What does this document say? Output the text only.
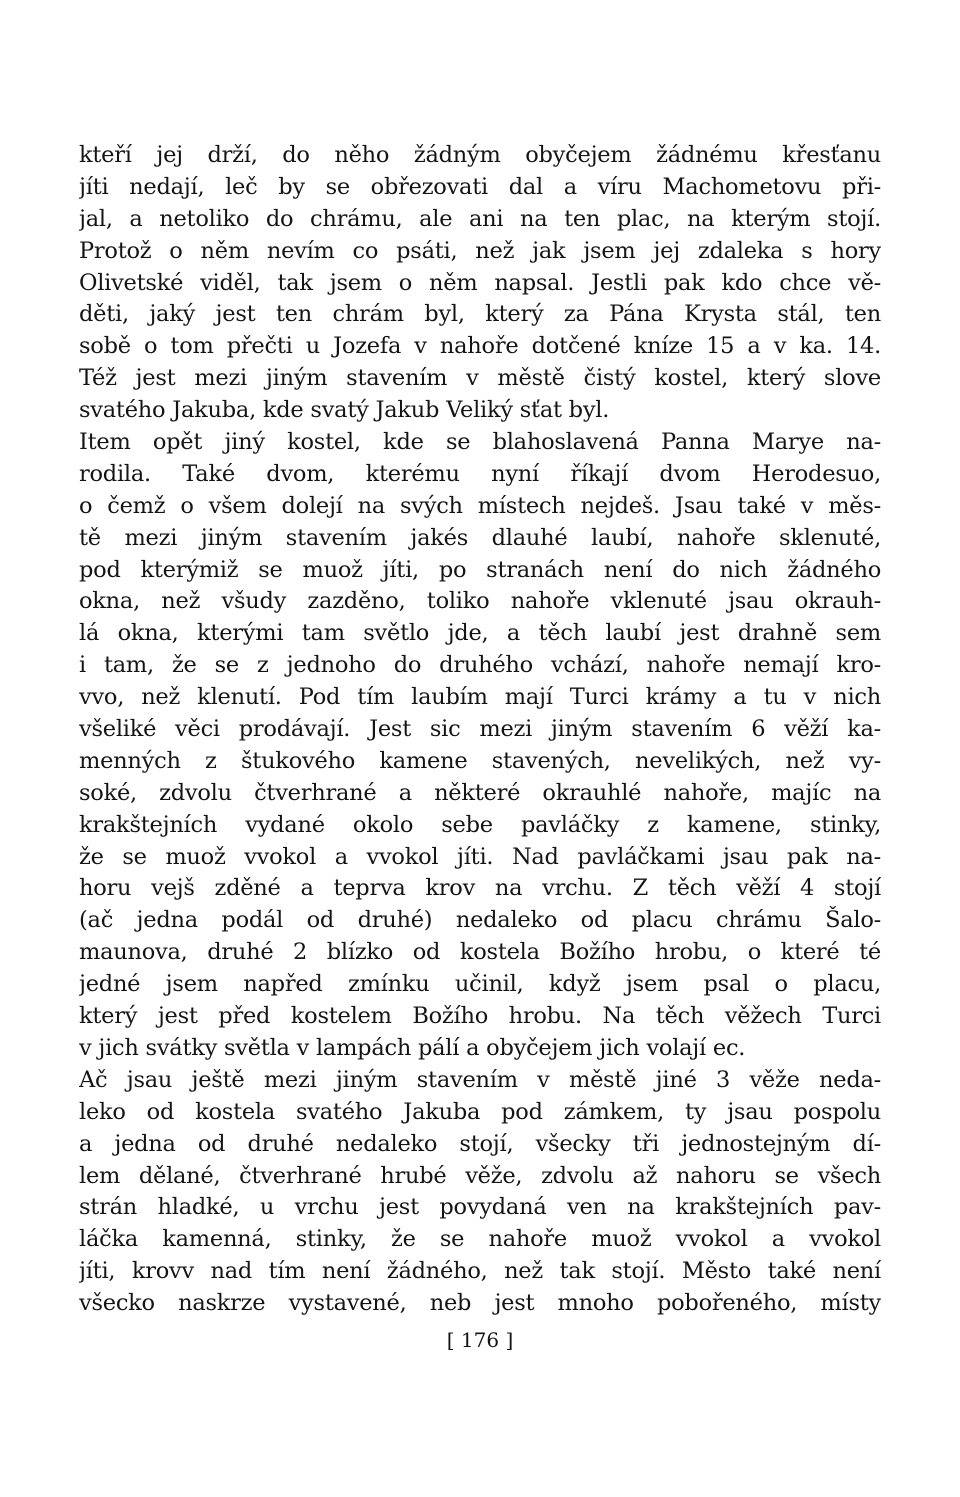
kteří jej drží, do něho žádným obyčejem žádnému křesťanu
jíti nedají, leč by se obřezovati dal a víru Machometovu při-
jal, a netoliko do chrámu, ale ani na ten plac, na kterým stojí.
Protož o něm nevím co psáti, než jak jsem jej zdaleka s hory
Olivetské viděl, tak jsem o něm napsal. Jestli pak kdo chce vě-
děti, jaký jest ten chrám byl, který za Pána Krysta stál, ten
sobě o tom přečti u Jozefa v nahoře dotčené kníze 15 a v ka. 14.
Též jest mezi jiným stavením v městě čistý kostel, který slove
svatého Jakuba, kde svatý Jakub Veliký sťat byl.
Item opět jiný kostel, kde se blahoslavená Panna Marye na-
rodila. Také dvom, kterému nyní říkají dvom Herodesuo,
o čemž o všem dolejí na svých místech nejdeš. Jsau také v měs-
tě mezi jiným stavením jakés dlauhé laubí, nahoře sklenuté,
pod kterýmiž se muož jíti, po stranách není do nich žádného
okna, než všudy zazděno, toliko nahoře vklenuté jsau okrauh-
lá okna, kterými tam světlo jde, a těch laubí jest drahně sem
i tam, že se z jednoho do druhého vchází, nahoře nemají kro-
vvo, než klenutí. Pod tím laubím mají Turci krámy a tu v nich
všeliké věci prodávají. Jest sic mezi jiným stavením 6 věží ka-
menných z štukového kamene stavených, nevelikých, než vy-
soké, zdvolu čtverhrané a některé okrauhlé nahoře, majíc na
krakštejních vydané okolo sebe pavláčky z kamene, stinky,
že se muož vvokol a vvokol jíti. Nad pavláčkami jsau pak na-
horu vejš zděné a teprva krov na vrchu. Z těch věží 4 stojí
(ač jedna podál od druhé) nedaleko od placu chrámu Šalo-
maunova, druhé 2 blízko od kostela Božího hrobu, o které té
jedné jsem napřed zmínku učinil, když jsem psal o placu,
který jest před kostelem Božího hrobu. Na těch věžech Turci
v jich svátky světla v lampách pálí a obyčejem jich volají ec.
Ač jsau ještě mezi jiným stavením v městě jiné 3 věže neda-
leko od kostela svatého Jakuba pod zámkem, ty jsau pospolu
a jedna od druhé nedaleko stojí, všecky tři jednostejným dí-
lem dělané, čtverhrané hrubé věže, zdvolu až nahoru se všech
strán hladké, u vrchu jest povydaná ven na krakštejních pav-
láčka kamenná, stinky, že se nahoře muož vvokol a vvokol
jíti, krovv nad tím není žádného, než tak stojí. Město také není
všecko naskrze vystavené, neb jest mnoho pobořeného, místy
[ 176 ]
